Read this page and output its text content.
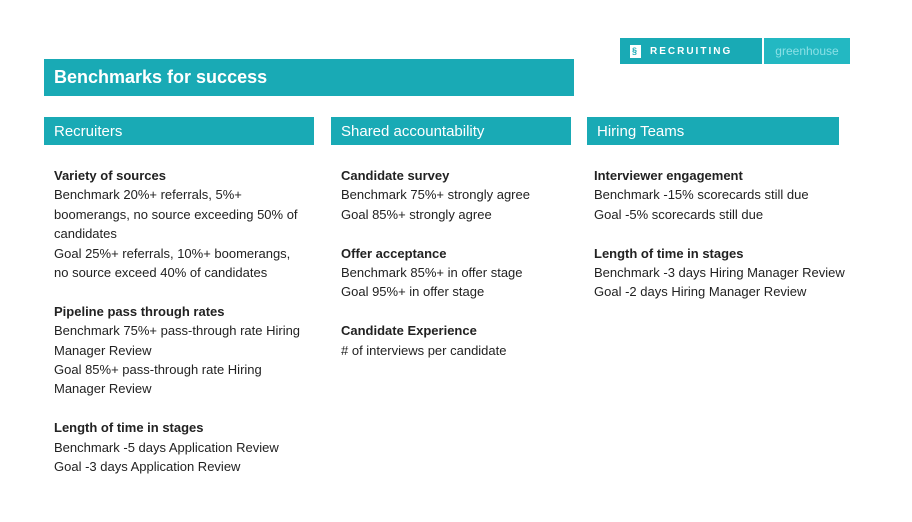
§ RECRUITING	greenhouse
Benchmarks for success
Recruiters	Shared accountability	Hiring Teams
Variety of sources
Benchmark 20%+ referrals, 5%+
boomerangs, no source exceeding 50% of
candidates
Goal 25%+ referrals, 10%+ boomerangs,
no source exceed 40% of candidates
Pipeline pass through rates
Benchmark 75%+ pass-through rate Hiring
Manager Review
Goal 85%+ pass-through rate Hiring
Manager Review
Length of time in stages
Benchmark -5 days Application Review
Goal -3 days Application Review
Candidate survey
Benchmark 75%+ strongly agree
Goal 85%+ strongly agree
Offer acceptance
Benchmark 85%+ in offer stage
Goal 95%+ in offer stage
Candidate Experience
# of interviews per candidate
Interviewer engagement
Benchmark -15% scorecards still due
Goal -5% scorecards still due
Length of time in stages
Benchmark -3 days Hiring Manager Review
Goal -2 days Hiring Manager Review
